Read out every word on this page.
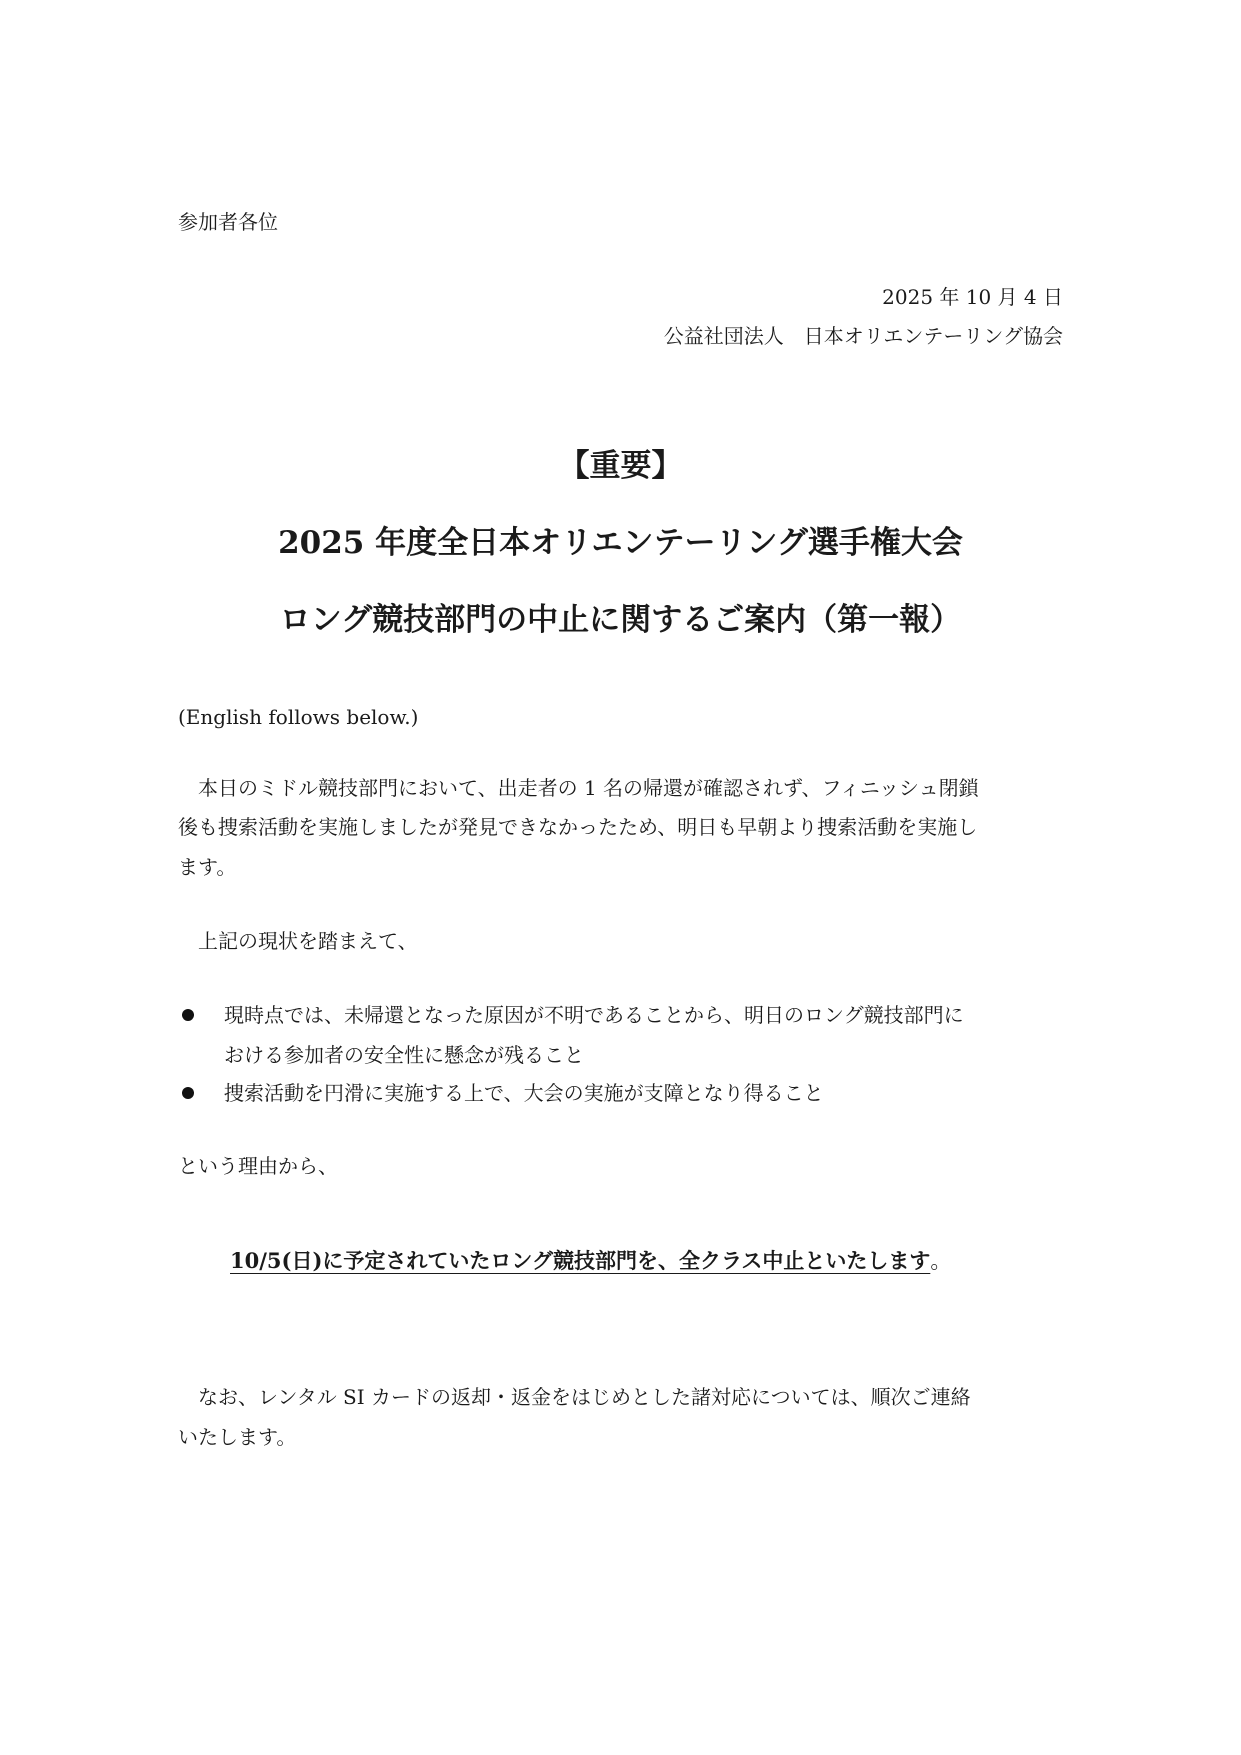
参加者各位
2025 年 10 月 4 日
公益社団法人　日本オリエンテーリング協会
【重要】
2025 年度全日本オリエンテーリング選手権大会
ロング競技部門の中止に関するご案内（第一報）
(English follows below.)
本日のミドル競技部門において、出走者の 1 名の帰還が確認されず、フィニッシュ閉鎖
後も捜索活動を実施しましたが発見できなかったため、明日も早朝より捜索活動を実施し
ます。
上記の現状を踏まえて、
現時点では、未帰還となった原因が不明であることから、明日のロング競技部門に
おける参加者の安全性に懸念が残ること
捜索活動を円滑に実施する上で、大会の実施が支障となり得ること
という理由から、
10/5(日)に予定されていたロング競技部門を、全クラス中止といたします。
なお、レンタル SI カードの返却・返金をはじめとした諸対応については、順次ご連絡
いたします。
